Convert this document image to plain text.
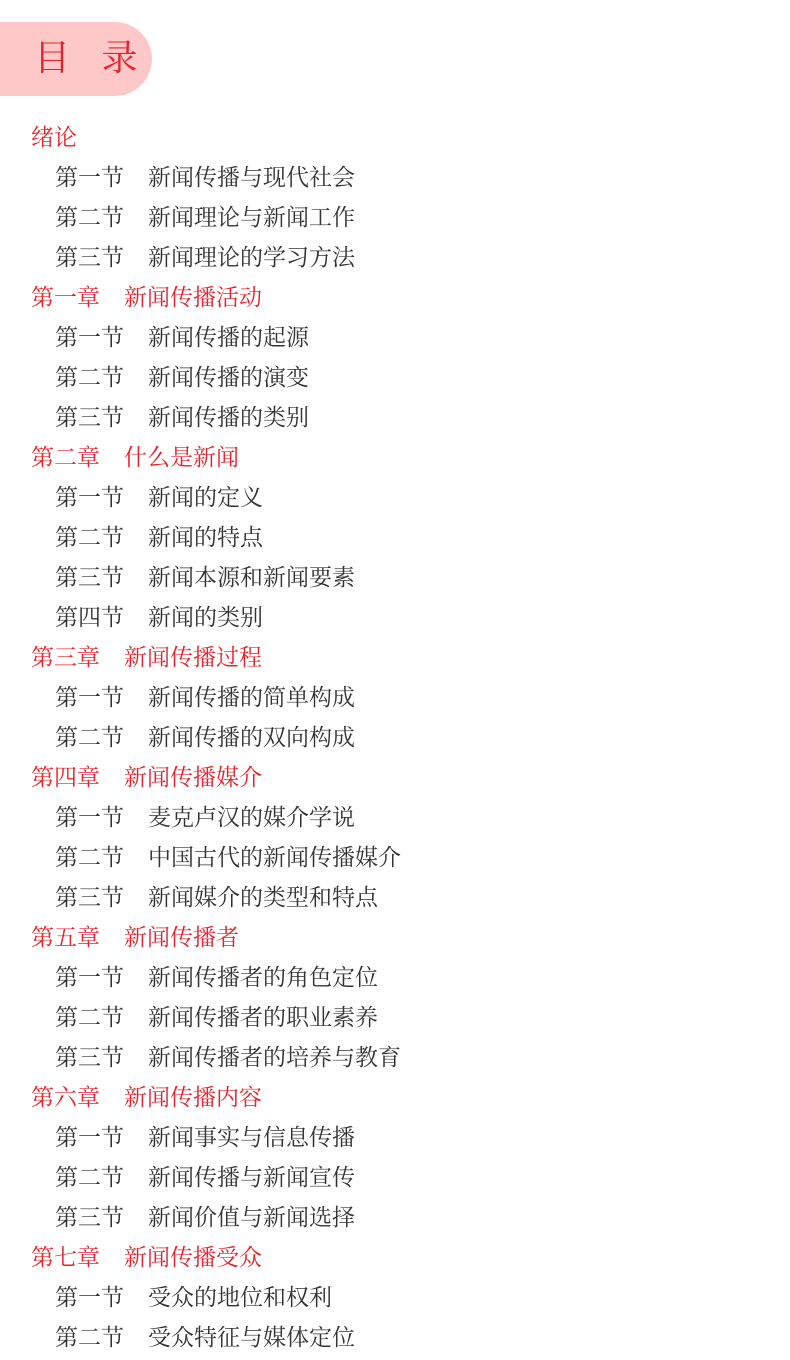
目 录
绪论
第一节 新闻传播与现代社会
第二节 新闻理论与新闻工作
第三节 新闻理论的学习方法
第一章 新闻传播活动
第一节 新闻传播的起源
第二节 新闻传播的演变
第三节 新闻传播的类别
第二章 什么是新闻
第一节 新闻的定义
第二节 新闻的特点
第三节 新闻本源和新闻要素
第四节 新闻的类别
第三章 新闻传播过程
第一节 新闻传播的简单构成
第二节 新闻传播的双向构成
第四章 新闻传播媒介
第一节 麦克卢汉的媒介学说
第二节 中国古代的新闻传播媒介
第三节 新闻媒介的类型和特点
第五章 新闻传播者
第一节 新闻传播者的角色定位
第二节 新闻传播者的职业素养
第三节 新闻传播者的培养与教育
第六章 新闻传播内容
第一节 新闻事实与信息传播
第二节 新闻传播与新闻宣传
第三节 新闻价值与新闻选择
第七章 新闻传播受众
第一节 受众的地位和权利
第二节 受众特征与媒体定位
